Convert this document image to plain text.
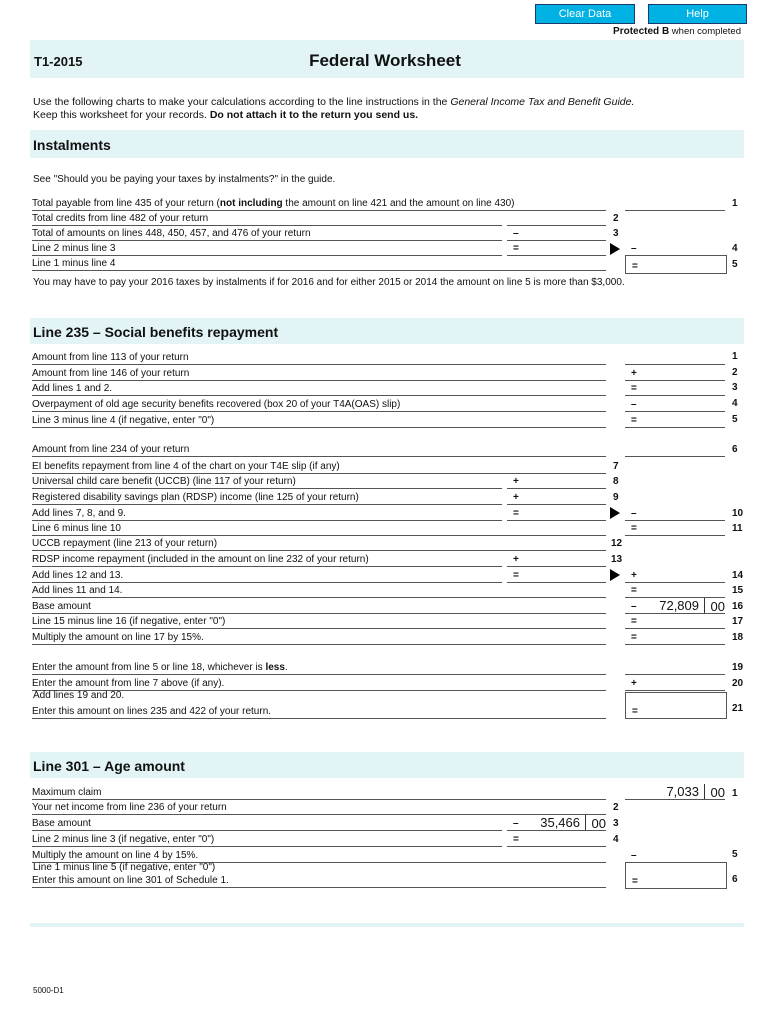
Clear Data	Help
Protected B when completed
T1-2015	Federal Worksheet
Use the following charts to make your calculations according to the line instructions in the General Income Tax and Benefit Guide.
Keep this worksheet for your records. Do not attach it to the return you send us.
Instalments
See "Should you be paying your taxes by instalments?" in the guide.
Total payable from line 435 of your return (not including the amount on line 421 and the amount on line 430)	1
Total credits from line 482 of your return	2
Total of amounts on lines 448, 450, 457, and 476 of your return	–	3
Line 2 minus line 3	=	–	4
Line 1 minus line 4	=	5
You may have to pay your 2016 taxes by instalments if for 2016 and for either 2015 or 2014 the amount on line 5 is more than $3,000.
Line 235 – Social benefits repayment
Amount from line 113 of your return	1
Amount from line 146 of your return	+	2
Add lines 1 and 2.	=	3
Overpayment of old age security benefits recovered (box 20 of your T4A(OAS) slip)	–	4
Line 3 minus line 4 (if negative, enter "0")	=	5
Amount from line 234 of your return	6
EI benefits repayment from line 4 of the chart on your T4E slip (if any)	7
Universal child care benefit (UCCB) (line 117 of your return)	+	8
Registered disability savings plan (RDSP) income (line 125 of your return)	+	9
Add lines 7, 8, and 9.	=	–	10
Line 6 minus line 10	=	11
UCCB repayment (line 213 of your return)	12
RDSP income repayment (included in the amount on line 232 of your return)	+	13
Add lines 12 and 13.	=	+	14
Add lines 11 and 14.	=	15
Base amount	– 72,809 00 16
Line 15 minus line 16 (if negative, enter "0")	=	17
Multiply the amount on line 17 by 15%.	=	18
Enter the amount from line 5 or line 18, whichever is less.	19
Enter the amount from line 7 above (if any).	+	20
Add lines 19 and 20.
Enter this amount on lines 235 and 422 of your return.	=	21
Line 301 – Age amount
Maximum claim	7,033 00 1
Your net income from line 236 of your return	2
Base amount	– 35,466 00 3
Line 2 minus line 3 (if negative, enter "0")	=	4
Multiply the amount on line 4 by 15%.	–	5
Line 1 minus line 5 (if negative, enter "0")
Enter this amount on line 301 of Schedule 1.	=	6
5000-D1
